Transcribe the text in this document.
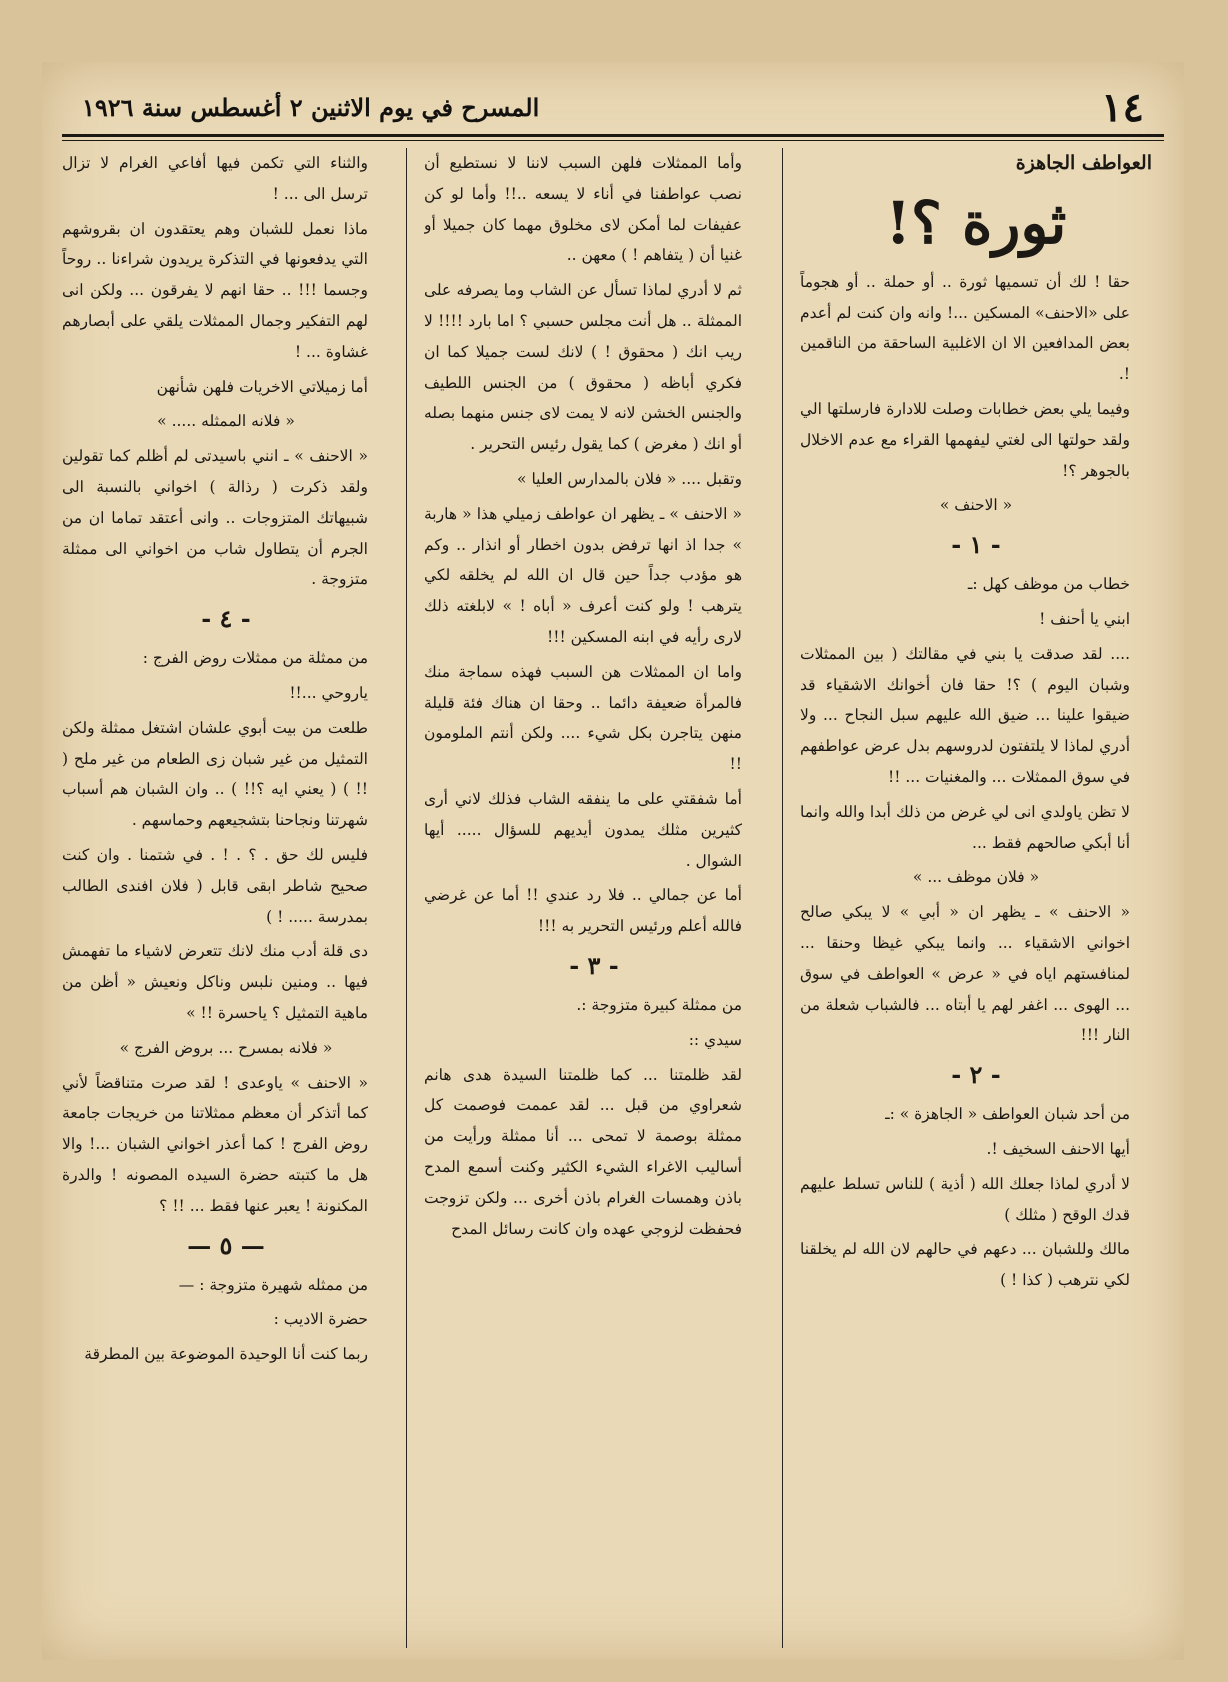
١٤
المسرح في يوم الاثنين ٢ أغسطس سنة ١٩٢٦

العواطف الجاهزة

ثورة ؟!

حقا ! لك أن تسميها ثورة .. أو حملة .. أو هجوماً على «الاحنف» المسكين ...! وانه وان كنت لم أعدم بعض المدافعين الا ان الاغلبية الساحقة من الناقمين !.

وفيما يلي بعض خطابات وصلت للادارة فارسلتها الي ولقد حولتها الى لغتي ليفهمها القراء مع عدم الاخلال بالجوهر ؟!

« الاحنف »

- ١ -

خطاب من موظف كهل :ـ

ابني يا أحنف !

.... لقد صدقت يا بني في مقالتك ( بين الممثلات وشبان اليوم ) ؟! حقا فان أخوانك الاشقياء قد ضيقوا علينا ... ضيق الله عليهم سبل النجاح ... ولا أدري لماذا لا يلتفتون لدروسهم بدل عرض عواطفهم في سوق الممثلات ... والمغنيات ... !!

لا تظن ياولدي انى لي غرض من ذلك أبدا والله وانما أنا أبكي صالحهم فقط ...

« فلان موظف ... »

« الاحنف » ـ يظهر ان « أبي » لا يبكي صالح اخواني الاشقياء ... وانما يبكي غيظا وحنقا ... لمنافستهم اياه في « عرض » العواطف في سوق ... الهوى ... اغفر لهم يا أبتاه ... فالشباب شعلة من النار !!!

- ٢ -

من أحد شبان العواطف « الجاهزة » :ـ

أيها الاحنف السخيف !.

لا أدري لماذا جعلك الله ( أذية ) للناس تسلط عليهم قدك الوقح ( مثلك )

مالك وللشبان ... دعهم في حالهم لان الله لم يخلقنا لكي نترهب ( كذا ! )

وأما الممثلات فلهن السبب لاننا لا نستطيع أن نصب عواطفنا في أناء لا يسعه ..!! وأما لو كن عفيفات لما أمكن لاى مخلوق مهما كان جميلا أو غنيا أن ( يتفاهم ! ) معهن ..

ثم لا أدري لماذا تسأل عن الشاب وما يصرفه على الممثلة .. هل أنت مجلس حسبي ؟ اما بارد !!!! لا ريب انك ( محقوق ! ) لانك لست جميلا كما ان فكري أباظه ( محقوق ) من الجنس اللطيف والجنس الخشن لانه لا يمت لاى جنس منهما بصله أو انك ( مغرض ) كما يقول رئيس التحرير .

وتقبل .... « فلان بالمدارس العليا »

« الاحنف » ـ يظهر ان عواطف زميلي هذا « هاربة » جدا اذ انها ترفض بدون اخطار أو انذار .. وكم هو مؤدب جداً حين قال ان الله لم يخلقه لكي يترهب ! ولو كنت أعرف « أباه ! » لابلغته ذلك لارى رأيه في ابنه المسكين !!!

واما ان الممثلات هن السبب فهذه سماجة منك فالمرأة ضعيفة دائما .. وحقا ان هناك فئة قليلة منهن يتاجرن بكل شيء .... ولكن أنتم الملومون !!

أما شفقتي على ما ينفقه الشاب فذلك لاني أرى كثيرين مثلك يمدون أيديهم للسؤال ..... أيها الشوال .

أما عن جمالي .. فلا رد عندي !! أما عن غرضي فالله أعلم ورئيس التحرير به !!!

- ٣ -

من ممثلة كبيرة متزوجة :.

سيدي ::

لقد ظلمتنا ... كما ظلمتنا السيدة هدى هانم شعراوي من قبل ... لقد عممت فوصمت كل ممثلة بوصمة لا تمحى ... أنا ممثلة ورأيت من أساليب الاغراء الشيء الكثير وكنت أسمع المدح باذن وهمسات الغرام باذن أخرى ... ولكن تزوجت فحفظت لزوجي عهده وان كانت رسائل المدح

والثناء التي تكمن فيها أفاعي الغرام لا تزال ترسل الى ... !

ماذا نعمل للشبان وهم يعتقدون ان بقروشهم التي يدفعونها في التذكرة يريدون شراءنا .. روحاً وجسما !!! .. حقا انهم لا يفرقون ... ولكن انى لهم التفكير وجمال الممثلات يلقي على أبصارهم غشاوة ... !

أما زميلاتي الاخريات فلهن شأنهن

« فلانه الممثله ..... »

« الاحنف » ـ انني باسيدتى لم أظلم كما تقولين ولقد ذكرت ( رذالة ) اخواني بالنسبة الى شبيهاتك المتزوجات .. وانى أعتقد تماما ان من الجرم أن يتطاول شاب من اخواني الى ممثلة متزوجة .

- ٤ -

من ممثلة من ممثلات روض الفرج :

ياروحي ...!!

طلعت من بيت أبوي علشان اشتغل ممثلة ولكن التمثيل من غير شبان زى الطعام من غير ملح ( !! ) ( يعني ايه ؟!! ) .. وان الشبان هم أسباب شهرتنا ونجاحنا بتشجيعهم وحماسهم .

فليس لك حق . ؟ . ! . في شتمنا . وان كنت صحيح شاطر ابقى قابل ( فلان افندى الطالب بمدرسة ..... ! )

دى قلة أدب منك لانك تتعرض لاشياء ما تفهمش فيها .. ومنين نلبس وناكل ونعيش « أظن من ماهية التمثيل ؟ ياحسرة !! »

« فلانه بمسرح ... بروض الفرج »

« الاحنف » ياوعدى ! لقد صرت متناقضاً لأني كما أتذكر أن معظم ممثلاتنا من خريجات جامعة روض الفرج ! كما أعذر اخواني الشبان ...! والا هل ما كتبته حضرة السيده المصونه ! والدرة المكنونة ! يعبر عنها فقط ... !! ؟

— ٥ —

من ممثله شهيرة متزوجة : —

حضرة الاديب :

ربما كنت أنا الوحيدة الموضوعة بين المطرقة
